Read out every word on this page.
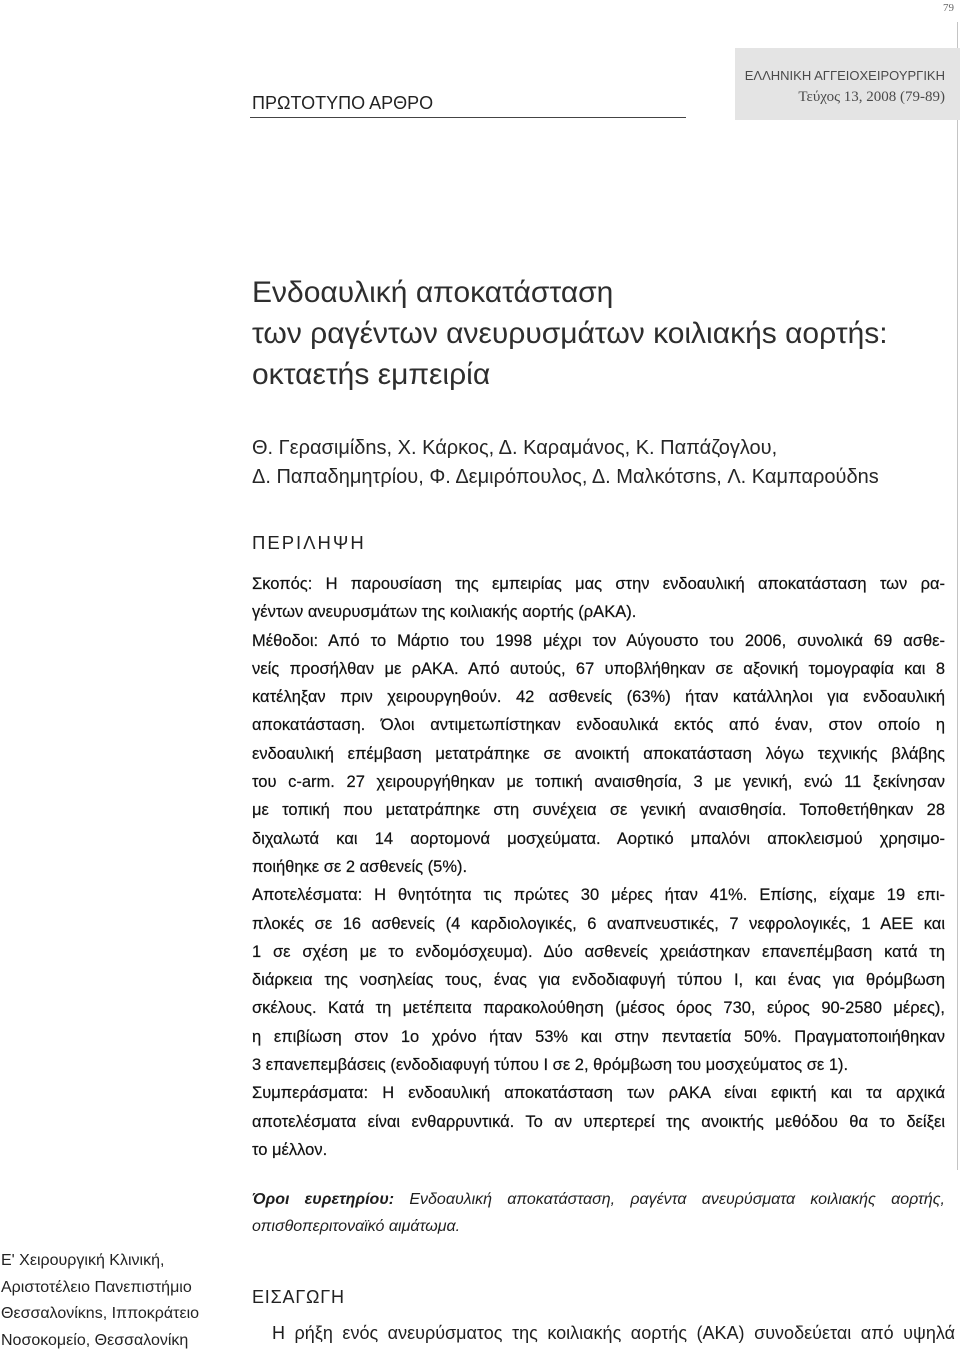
79
ΕΛΛΗΝΙΚΗ ΑΓΓΕΙΟΧΕΙΡΟΥΡΓΙΚΗ
Τεύχος 13, 2008 (79-89)
ΠΡΩΤΟΤΥΠΟ ΑΡΘΡΟ
Ενδοαυλική αποκατάσταση
των ραγέντων ανευρυσμάτων κοιλιακήs αορτήs:
οκταετήs εμπειρία
Θ. Γερασιμίδns, Χ. Κάρκος, Δ. Καραμάνος, Κ. Παπάζογλου,
Δ. Παπαδημητρίου, Φ. Δεμιρόπουλος, Δ. Μαλκότσns, Λ. Καμπαρούδns
ΠΕΡΙΛΗΨΗ
Σκοπός: Η παρουσίαση της εμπειρίας μας στην ενδοαυλική αποκατάσταση των ρα-
γέντων ανευρυσμάτων της κοιλιακής αορτής (ρΑΚΑ).
Μέθοδοι: Από το Μάρτιο του 1998 μέχρι τον Αύγουστο του 2006, συνολικά 69 ασθε-
νείς προσήλθαν με ρΑΚΑ. Από αυτούς, 67 υποβλήθηκαν σε αξονική τομογραφία και 8
κατέληξαν πριν χειρουργηθούν. 42 ασθενείς (63%) ήταν κατάλληλοι για ενδοαυλική
αποκατάσταση. Όλοι αντιμετωπίστηκαν ενδοαυλικά εκτός από έναν, στον οποίο η
ενδοαυλική επέμβαση μετατράπηκε σε ανοικτή αποκατάσταση λόγω τεχνικής βλάβης
του c-arm. 27 χειρουργήθηκαν με τοπική αναισθησία, 3 με γενική, ενώ 11 ξεκίνησαν
με τοπική που μετατράπηκε στη συνέχεια σε γενική αναισθησία. Τοποθετήθηκαν 28
διχαλωτά και 14 αορτομονά μοσχεύματα. Αορτικό μπαλόνι αποκλεισμού χρησιμο-
ποιήθηκε σε 2 ασθενείς (5%).
Αποτελέσματα: Η θνητότητα τις πρώτες 30 μέρες ήταν 41%. Επίσης, είχαμε 19 επι-
πλοκές σε 16 ασθενείς (4 καρδιολογικές, 6 αναπνευστικές, 7 νεφρολογικές, 1 ΑΕΕ και
1 σε σχέση με το ενδομόσχευμα). Δύο ασθενείς χρειάστηκαν επανεπέμβαση κατά τη
διάρκεια της νοσηλείας τους, ένας για ενδοδιαφυγή τύπου Ι, και ένας για θρόμβωση
σκέλους. Κατά τη μετέπειτα παρακολούθηση (μέσος όρος 730, εύρος 90-2580 μέρες),
η επιβίωση στον 1ο χρόνο ήταν 53% και στην πενταετία 50%. Πραγματοποιήθηκαν
3 επανεπεμβάσεις (ενδοδιαφυγή τύπου Ι σε 2, θρόμβωση του μοσχεύματος σε 1).
Συμπεράσματα: Η ενδοαυλική αποκατάσταση των ρΑΚΑ είναι εφικτή και τα αρχικά
αποτελέσματα είναι ενθαρρυντικά. Το αν υπερτερεί της ανοικτής μεθόδου θα το δείξει
το μέλλον.
Όροι ευρετηρίου: Ενδοαυλική αποκατάσταση, ραγέντα ανευρύσματα κοιλιακής αορτής,
οπισθοπεριτοναϊκό αιμάτωμα.
Ε' Χειρουργική Κλινική,
Αριστοτέλειο Πανεπιστήμιο
Θεσσαλονίκns, Ιπποκράτειο
Νοσοκομείο, Θεσσαλονίκη
ΕΙΣΑΓΩΓΗ
Η ρήξη ενός ανευρύσματος της κοιλιακής αορτής (ΑΚΑ) συνοδεύεται από υψηλά
